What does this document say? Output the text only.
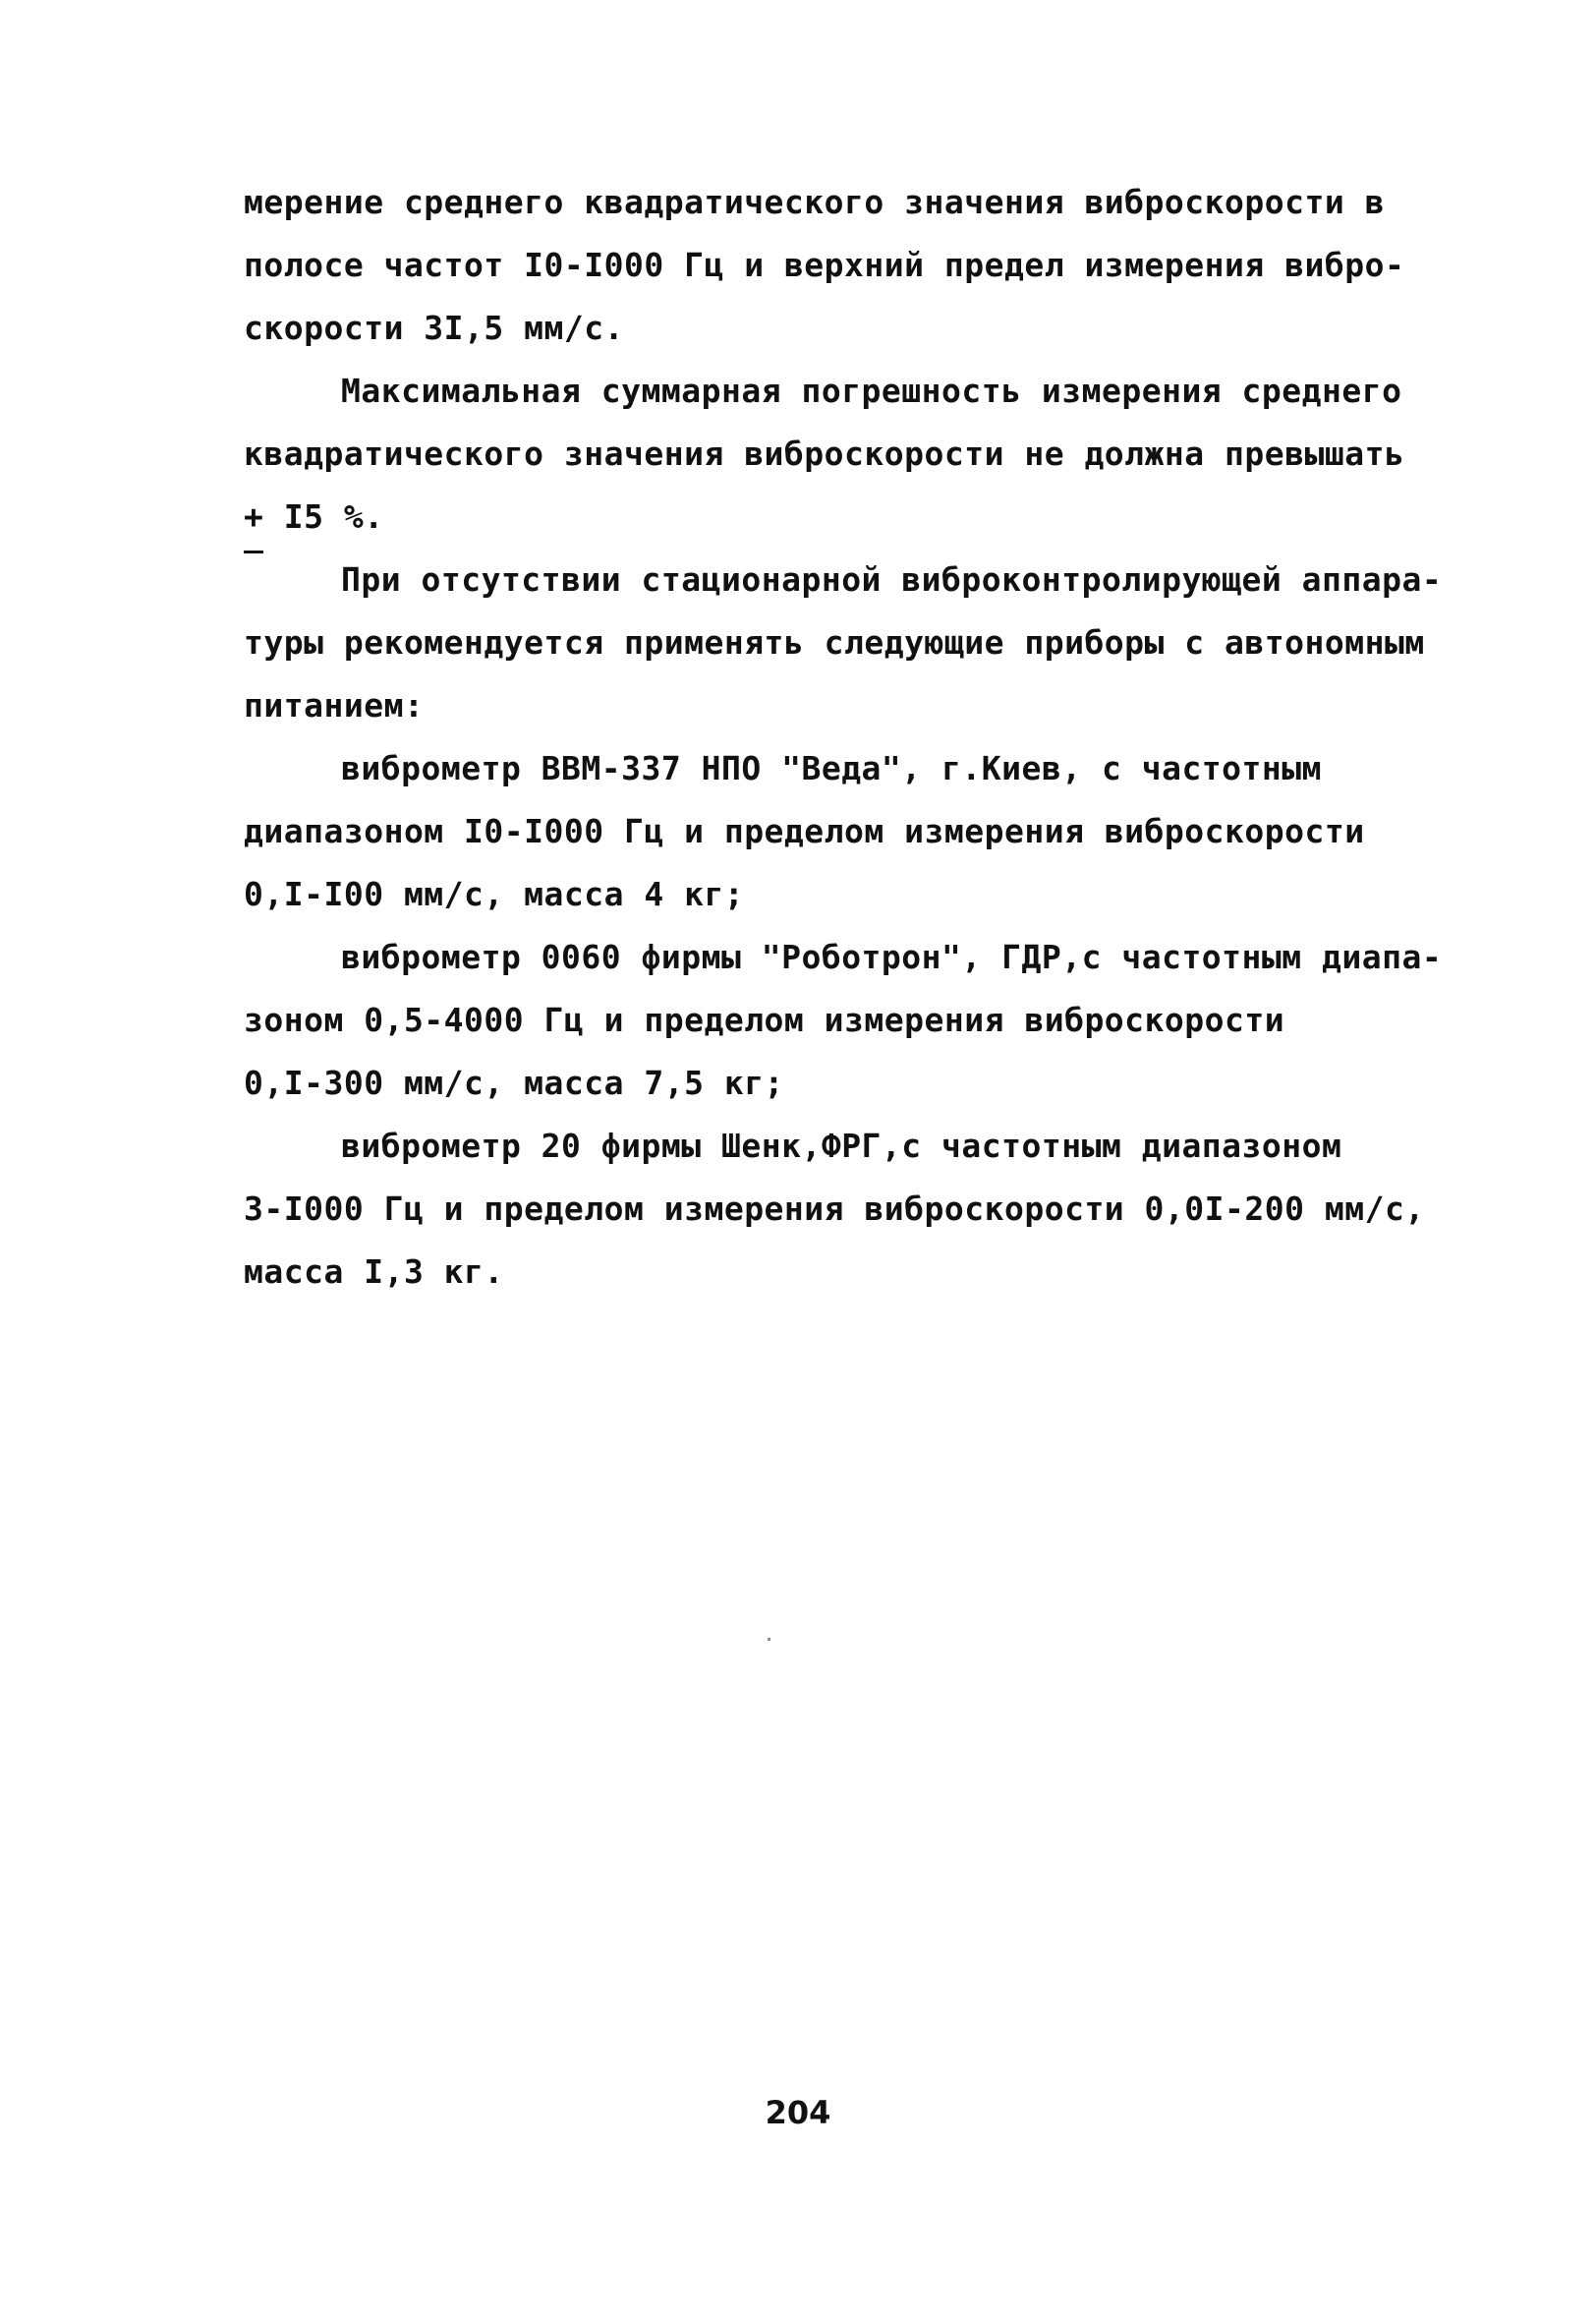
мерение среднего квадратического значения виброскорости в
полосе частот I0-I000 Гц и верхний предел измерения вибро-
скорости 3I,5 мм/с.
Максимальная суммарная погрешность измерения среднего
квадратического значения виброскорости не должна превышать
+ I5 %.
При отсутствии стационарной виброконтролирующей аппара-
туры рекомендуется применять следующие приборы с автономным
питанием:
виброметр ВВМ-337 НПО "Веда", г.Киев, с частотным
диапазоном I0-I000 Гц и пределом измерения виброскорости
0,I-I00 мм/с, масса 4 кг;
виброметр 0060 фирмы "Роботрон", ГДР,с частотным диапа-
зоном 0,5-4000 Гц и пределом измерения виброскорости
0,I-300 мм/с, масса 7,5 кг;
виброметр 20 фирмы Шенк,ФРГ,с частотным диапазоном
3-I000 Гц и пределом измерения виброскорости 0,0I-200 мм/с,
масса I,3 кг.
204
